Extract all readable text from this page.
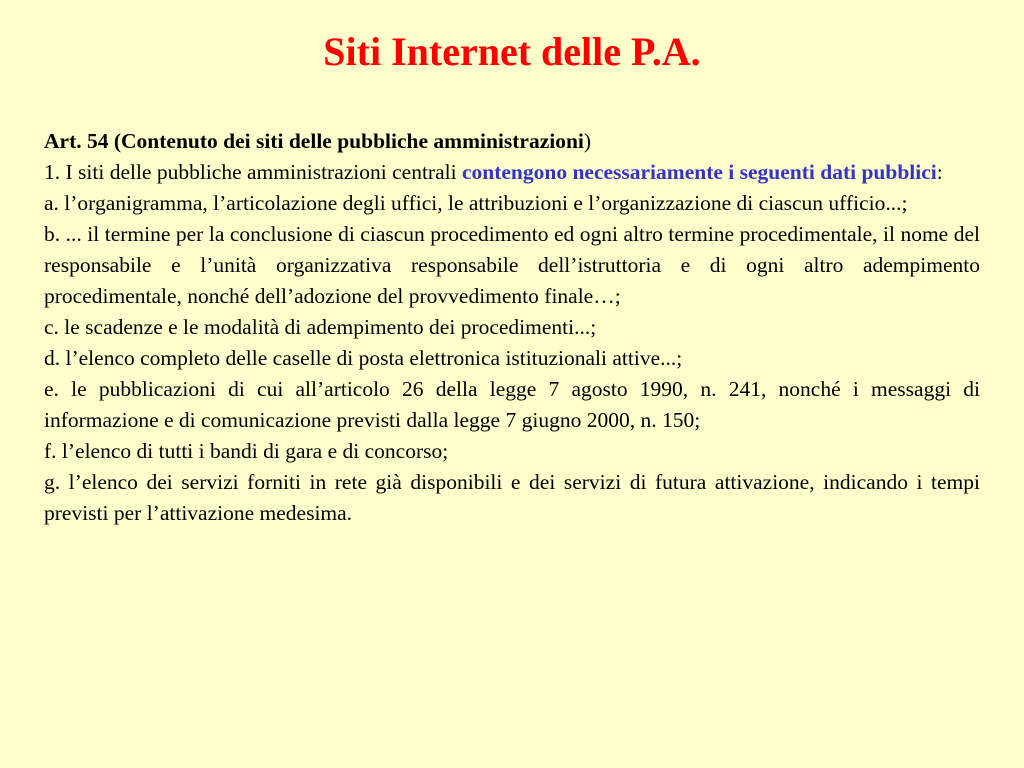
Siti Internet delle P.A.

Art. 54 (Contenuto dei siti delle pubbliche amministrazioni)

1. I siti delle pubbliche amministrazioni centrali contengono necessariamente i seguenti dati pubblici:

a. l’organigramma, l’articolazione degli uffici, le attribuzioni e l’organizzazione di ciascun ufficio...;

b. ... il termine per la conclusione di ciascun procedimento ed ogni altro termine procedimentale, il nome del responsabile e l’unità organizzativa responsabile dell’istruttoria e di ogni altro adempimento procedimentale, nonché dell’adozione del provvedimento finale…;

c. le scadenze e le modalità di adempimento dei procedimenti...;

d. l’elenco completo delle caselle di posta elettronica istituzionali attive...;

e. le pubblicazioni di cui all’articolo 26 della legge 7 agosto 1990, n. 241, nonché i messaggi di informazione e di comunicazione previsti dalla legge 7 giugno 2000, n. 150;

f. l’elenco di tutti i bandi di gara e di concorso;

g. l’elenco dei servizi forniti in rete già disponibili e dei servizi di futura attivazione, indicando i tempi previsti per l’attivazione medesima.
